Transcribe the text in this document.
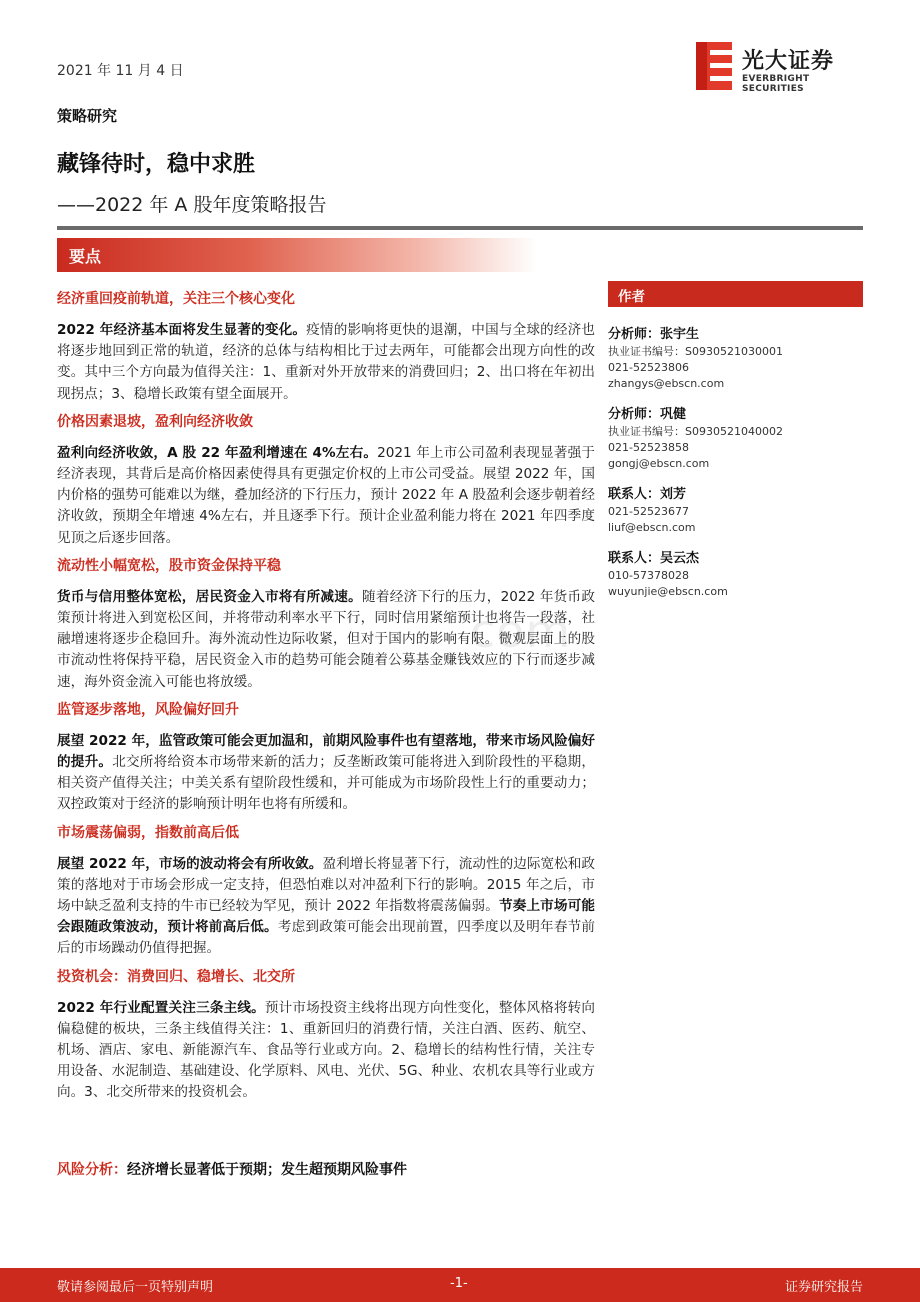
2021 年 11 月 4 日	光大证券
EVERBRIGHT SECURITIES
策略研究
藏锋待时，稳中求胜
——2022 年 A 股年度策略报告
要点
com
经济重回疫前轨道，关注三个核心变化

2022 年经济基本面将发生显著的变化。疫情的影响将更快的退潮，中国与全球的经济也将逐步地回到正常的轨道，经济的总体与结构相比于过去两年，可能都会出现方向性的改变。其中三个方向最为值得关注：1、重新对外开放带来的消费回归；2、出口将在年初出现拐点；3、稳增长政策有望全面展开。

价格因素退坡，盈利向经济收敛

盈利向经济收敛，A 股 22 年盈利增速在 4%左右。2021 年上市公司盈利表现显著强于经济表现，其背后是高价格因素使得具有更强定价权的上市公司受益。展望 2022 年，国内价格的强势可能难以为继，叠加经济的下行压力，预计 2022 年 A 股盈利会逐步朝着经济收敛，预期全年增速 4%左右，并且逐季下行。预计企业盈利能力将在 2021 年四季度见顶之后逐步回落。

流动性小幅宽松，股市资金保持平稳

货币与信用整体宽松，居民资金入市将有所减速。随着经济下行的压力，2022 年货币政策预计将进入到宽松区间，并将带动利率水平下行，同时信用紧缩预计也将告一段落，社融增速将逐步企稳回升。海外流动性边际收紧，但对于国内的影响有限。微观层面上的股市流动性将保持平稳，居民资金入市的趋势可能会随着公募基金赚钱效应的下行而逐步减速，海外资金流入可能也将放缓。

监管逐步落地，风险偏好回升

展望 2022 年，监管政策可能会更加温和，前期风险事件也有望落地，带来市场风险偏好的提升。北交所将给资本市场带来新的活力；反垄断政策可能将进入到阶段性的平稳期，相关资产值得关注；中美关系有望阶段性缓和，并可能成为市场阶段性上行的重要动力；双控政策对于经济的影响预计明年也将有所缓和。

市场震荡偏弱，指数前高后低

展望 2022 年，市场的波动将会有所收敛。盈利增长将显著下行，流动性的边际宽松和政策的落地对于市场会形成一定支持，但恐怕难以对冲盈利下行的影响。2015 年之后，市场中缺乏盈利支持的牛市已经较为罕见，预计 2022 年指数将震荡偏弱。节奏上市场可能会跟随政策波动，预计将前高后低。考虑到政策可能会出现前置，四季度以及明年春节前后的市场躁动仍值得把握。

投资机会：消费回归、稳增长、北交所

2022 年行业配置关注三条主线。预计市场投资主线将出现方向性变化，整体风格将转向偏稳健的板块，三条主线值得关注：1、重新回归的消费行情，关注白酒、医药、航空、机场、酒店、家电、新能源汽车、食品等行业或方向。2、稳增长的结构性行情，关注专用设备、水泥制造、基础建设、化学原料、风电、光伏、5G、种业、农机农具等行业或方向。3、北交所带来的投资机会。

风险分析：经济增长显著低于预期；发生超预期风险事件
作者
分析师：张宇生
执业证书编号：S0930521030001
021-52523806
zhangys@ebscn.com
分析师：巩健
执业证书编号：S0930521040002
021-52523858
gongj@ebscn.com
联系人：刘芳
021-52523677
liuf@ebscn.com
联系人：吴云杰
010-57378028
wuyunjie@ebscn.com
敬请参阅最后一页特别声明	-1-	证券研究报告
